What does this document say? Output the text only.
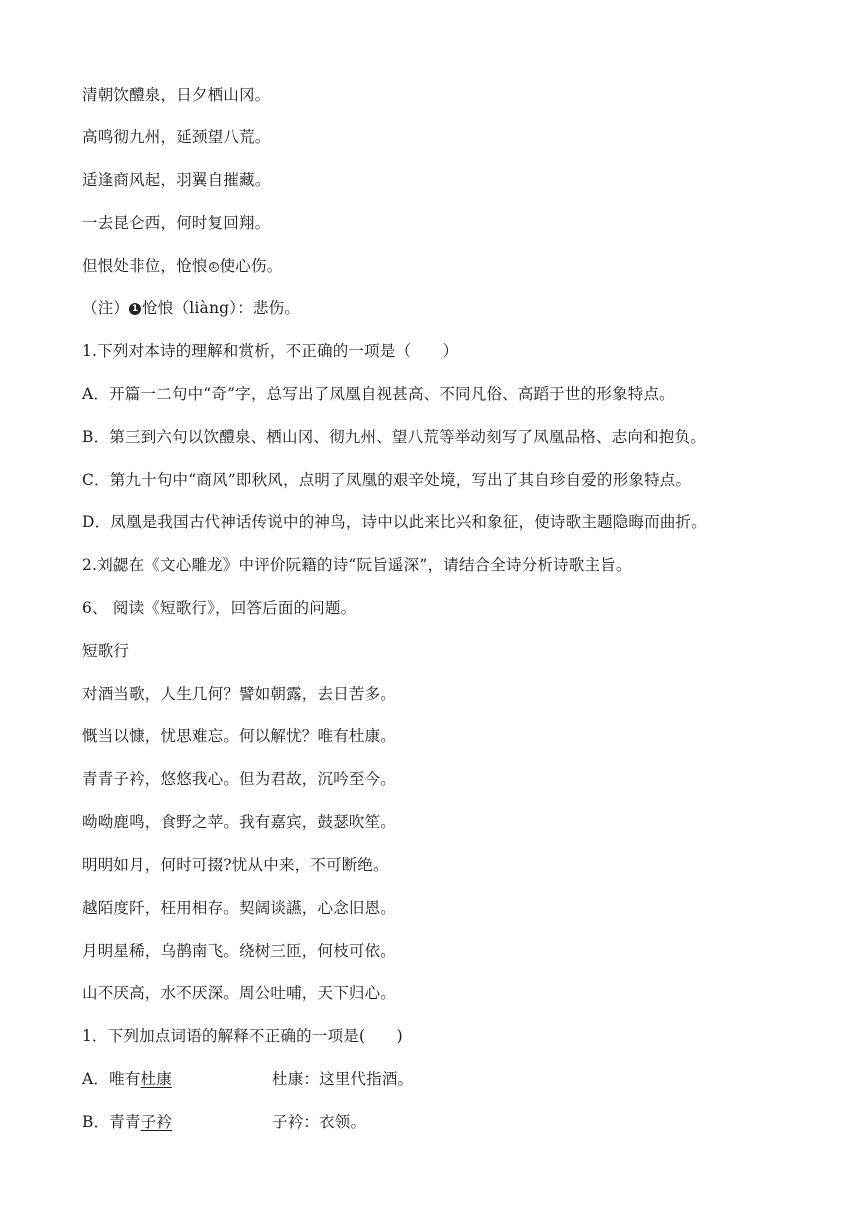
清朝饮醴泉，日夕栖山冈。
高鸣彻九州，延颈望八荒。
适逢商风起，羽翼自摧藏。
一去昆仑西，何时复回翔。
但恨处非位，怆悢 ① 使心伤。
（注） 1 怆悢（liàng）：悲伤。
1.下列对本诗的理解和赏析，不正确的一项是（　　）
A．开篇一二句中“奇”字，总写出了凤凰自视甚高、不同凡俗、高蹈于世的形象特点。
B．第三到六句以饮醴泉、栖山冈、彻九州、望八荒等举动刻写了凤凰品格、志向和抱负。
C．第九十句中“商风”即秋风，点明了凤凰的艰辛处境，写出了其自珍自爱的形象特点。
D．凤凰是我国古代神话传说中的神鸟，诗中以此来比兴和象征，使诗歌主题隐晦而曲折。
2.刘勰在《文心雕龙》中评价阮籍的诗“阮旨遥深”，请结合全诗分析诗歌主旨。
6、 阅读《短歌行》，回答后面的问题。
短歌行
对酒当歌，人生几何？譬如朝露，去日苦多。
慨当以慷，忧思难忘。何以解忧？唯有杜康。
青青子衿，悠悠我心。但为君故，沉吟至今。
呦呦鹿鸣，食野之苹。我有嘉宾，鼓瑟吹笙。
明明如月，何时可掇?忧从中来，不可断绝。
越陌度阡，枉用相存。契阔谈讌，心念旧恩。
月明星稀，乌鹊南飞。绕树三匝，何枝可依。
山不厌高，水不厌深。周公吐哺，天下归心。
1．下列加点词语的解释不正确的一项是(　　)
A．唯有杜康	杜康：这里代指酒。
B．青青子衿	子衿：衣领。
